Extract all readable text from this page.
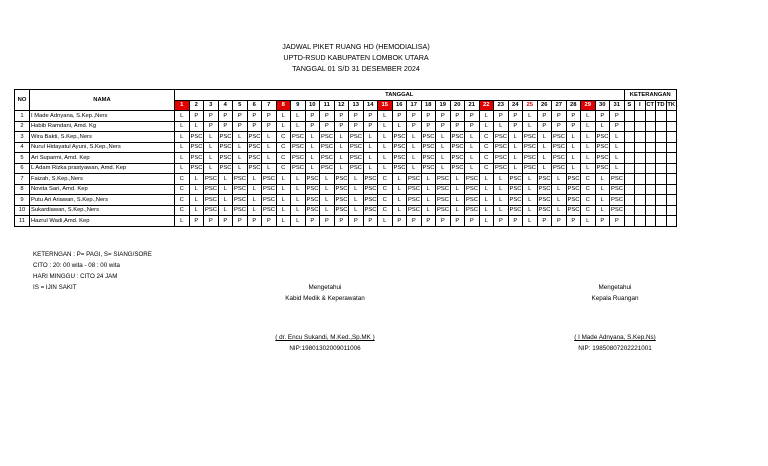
JADWAL PIKET RUANG HD (HEMODIALISA)
UPTD-RSUD KABUPATEN LOMBOK UTARA
TANGGAL 01 S/D 31 DESEMBER 2024
NO	NAMA	TANGGAL																															KETERANGAN				
		1	2	3	4	5	6	7	8	9	10	11	12	13	14	15	16	17	18	19	20	21	22	23	24	25	26	27	28	29	30	31	S	I	CT	TD	TK
1	I Made Adnyana, S.Kep.,Ners	L	P	P	P	P	P	P	L	L	P	P	P	P	P	L	P	P	P	P	P	P	L	P	P	L	P	P	P	L	P	P					
2	Habib Ramdani, Amd. Kg	L	L	P	P	P	P	P	L	L	P	P	P	P	P	L	L	P	P	P	P	P	L	L	P	L	P	P	P	L	L	P					
3	Wira Bakti, S.Kep.,Ners	L	PSC	L	PSC	L	PSC	L	C	PSC	L	PSC	L	PSC	L	L	PSC	L	PSC	L	PSC	L	C	PSC	L	PSC	L	PSC	L	L	PSC	L					
4	Nurul Hidayatul Ayuni, S.Kep.,Ners	L	PSC	L	PSC	L	PSC	L	C	PSC	L	PSC	L	PSC	L	L	PSC	L	PSC	L	PSC	L	C	PSC	L	PSC	L	PSC	L	L	PSC	L					
5	Ari Suparmi, Amd. Kep	L	PSC	L	PSC	L	PSC	L	C	PSC	L	PSC	L	PSC	L	L	PSC	L	PSC	L	PSC	L	C	PSC	L	PSC	L	PSC	L	L	PSC	L					
6	L Adam Rizka prastyawan, Amd. Kep	L	PSC	L	PSC	L	PSC	L	C	PSC	L	PSC	L	PSC	L	L	PSC	L	PSC	L	PSC	L	C	PSC	L	PSC	L	PSC	L	L	PSC	L					
7	Faizah, S.Kep.,Ners	C	L	PSC	L	PSC	L	PSC	L	L	PSC	L	PSC	L	PSC	C	L	PSC	L	PSC	L	PSC	L	L	PSC	L	PSC	L	PSC	C	L	PSC					
8	Novita Sari, Amd. Kep	C	L	PSC	L	PSC	L	PSC	L	L	PSC	L	PSC	L	PSC	C	L	PSC	L	PSC	L	PSC	L	L	PSC	L	PSC	L	PSC	C	L	PSC					
9	Putu Ari Ariawan, S.Kep.,Ners	C	L	PSC	L	PSC	L	PSC	L	L	PSC	L	PSC	L	PSC	C	L	PSC	L	PSC	L	PSC	L	L	PSC	L	PSC	L	PSC	C	L	PSC					
10	Sukardiawan, S.Kep.,Ners	C	L	PSC	L	PSC	L	PSC	L	L	PSC	L	PSC	L	PSC	C	L	PSC	L	PSC	L	PSC	L	L	PSC	L	PSC	L	PSC	C	L	PSC					
11	Hazrul Wadi,Amd. Kep	L	P	P	P	P	P	P	L	L	P	P	P	P	P	L	P	P	P	P	P	P	L	P	P	L	P	P	P	L	P	P					
KETERNGAN : P= PAGI, S= SIANG/SORE
CITO : 20: 00 wita - 08 : 00 wita
HARI MINGGU : CITO 24 JAM
IS = IJIN SAKIT	Mengetahui
Kabid Medik & Keperawatan
( dr. Encu Sukandi, M.Ked.,Sp.MK )
NIP:19801302009011006
Mengetahui
Kepala Ruangan
( I Made Adnyana, S.Kep.Ns)
NIP: 19850807202221001
